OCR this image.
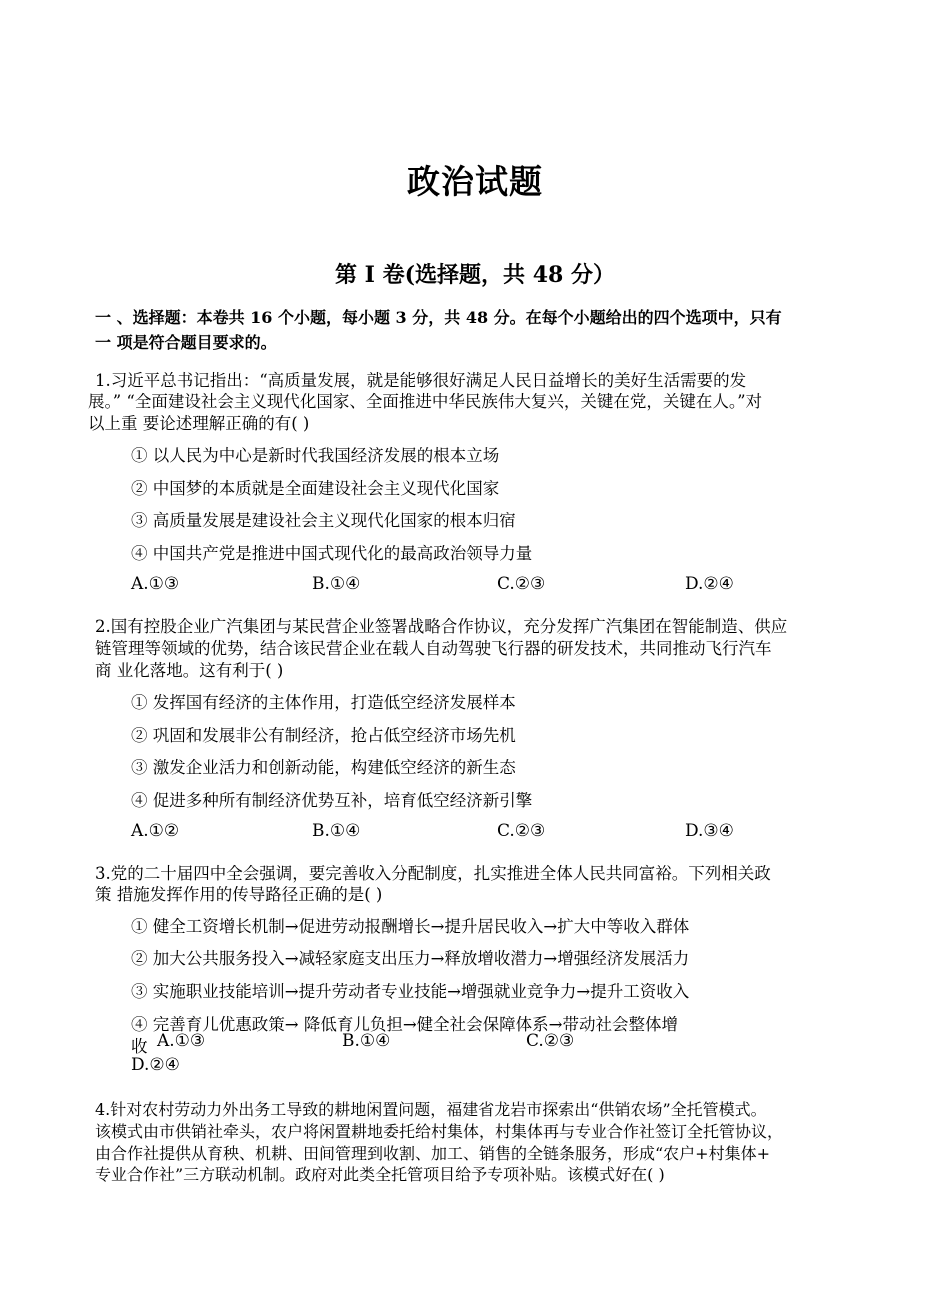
政治试题
第 I 卷(选择题，共 48 分）
一 、选择题：本卷共 16 个小题，每小题 3 分，共 48 分。在每个小题给出的四个选项中，只有
一 项是符合题目要求的。
1.习近平总书记指出：“高质量发展，就是能够很好满足人民日益增长的美好生活需要的发
展。” “全面建设社会主义现代化国家、全面推进中华民族伟大复兴，关键在党，关键在人。”对
以上重 要论述理解正确的有( )
① 以人民为中心是新时代我国经济发展的根本立场
② 中国梦的本质就是全面建设社会主义现代化国家
③ 高质量发展是建设社会主义现代化国家的根本归宿
④ 中国共产党是推进中国式现代化的最高政治领导力量
A.①③	B.①④	C.②③	D.②④
2.国有控股企业广汽集团与某民营企业签署战略合作协议，充分发挥广汽集团在智能制造、供应
链管理等领域的优势，结合该民营企业在载人自动驾驶飞行器的研发技术，共同推动飞行汽车
商 业化落地。这有利于( )
① 发挥国有经济的主体作用，打造低空经济发展样本
② 巩固和发展非公有制经济，抢占低空经济市场先机
③ 激发企业活力和创新动能，构建低空经济的新生态
④ 促进多种所有制经济优势互补，培育低空经济新引擎
A.①②	B.①④	C.②③	D.③④
3.党的二十届四中全会强调，要完善收入分配制度，扎实推进全体人民共同富裕。下列相关政
策 措施发挥作用的传导路径正确的是( )
① 健全工资增长机制→促进劳动报酬增长→提升居民收入→扩大中等收入群体
② 加大公共服务投入→减轻家庭支出压力→释放增收潜力→增强经济发展活力
③ 实施职业技能培训→提升劳动者专业技能→增强就业竞争力→提升工资收入
④ 完善育儿优惠政策→ 降低育儿负担→健全社会保障体系→带动社会整体增
收 A.①③	B.①④	C.②③
D.②④
4.针对农村劳动力外出务工导致的耕地闲置问题，福建省龙岩市探索出“供销农场”全托管模式。
该模式由市供销社牵头，农户将闲置耕地委托给村集体，村集体再与专业合作社签订全托管协议，
由合作社提供从育秧、机耕、田间管理到收割、加工、销售的全链条服务，形成“农户+村集体+
专业合作社”三方联动机制。政府对此类全托管项目给予专项补贴。该模式好在( )
